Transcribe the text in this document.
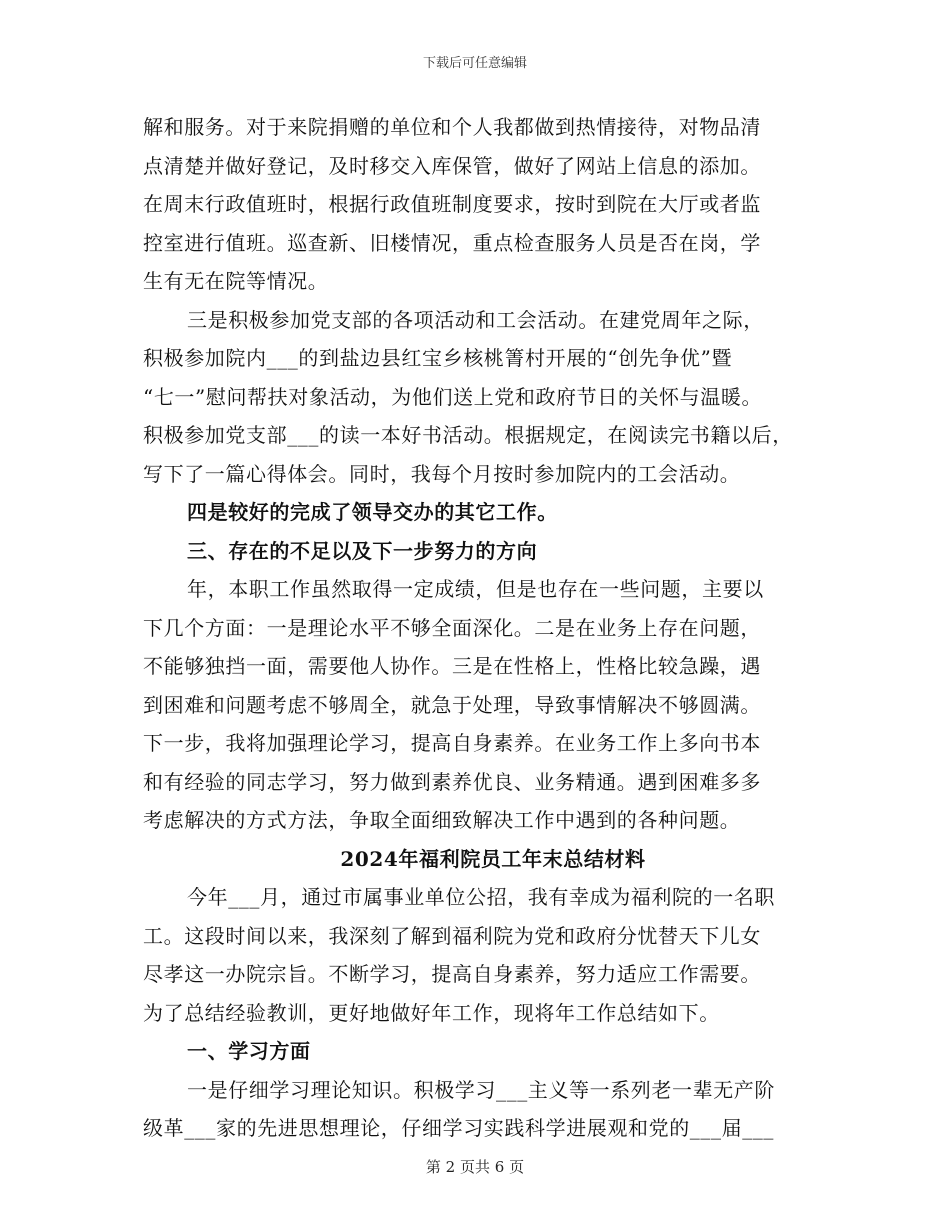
下载后可任意编辑
解和服务。对于来院捐赠的单位和个人我都做到热情接待，对物品清
点清楚并做好登记，及时移交入库保管，做好了网站上信息的添加。
在周末行政值班时，根据行政值班制度要求，按时到院在大厅或者监
控室进行值班。巡查新、旧楼情况，重点检查服务人员是否在岗，学
生有无在院等情况。
三是积极参加党支部的各项活动和工会活动。在建党周年之际，
积极参加院内___的到盐边县红宝乡核桃箐村开展的“创先争优”暨
“七一”慰问帮扶对象活动，为他们送上党和政府节日的关怀与温暖。
积极参加党支部___的读一本好书活动。根据规定，在阅读完书籍以后，
写下了一篇心得体会。同时，我每个月按时参加院内的工会活动。
四是较好的完成了领导交办的其它工作。
三、存在的不足以及下一步努力的方向
年，本职工作虽然取得一定成绩，但是也存在一些问题，主要以
下几个方面：一是理论水平不够全面深化。二是在业务上存在问题，
不能够独挡一面，需要他人协作。三是在性格上，性格比较急躁，遇
到困难和问题考虑不够周全，就急于处理，导致事情解决不够圆满。
下一步，我将加强理论学习，提高自身素养。在业务工作上多向书本
和有经验的同志学习，努力做到素养优良、业务精通。遇到困难多多
考虑解决的方式方法，争取全面细致解决工作中遇到的各种问题。
2024年福利院员工年末总结材料
今年___月，通过市属事业单位公招，我有幸成为福利院的一名职
工。这段时间以来，我深刻了解到福利院为党和政府分忧替天下儿女
尽孝这一办院宗旨。不断学习，提高自身素养，努力适应工作需要。
为了总结经验教训，更好地做好年工作，现将年工作总结如下。
一、学习方面
一是仔细学习理论知识。积极学习___主义等一系列老一辈无产阶
级革___家的先进思想理论，仔细学习实践科学进展观和党的___届___
第 2 页共 6 页
